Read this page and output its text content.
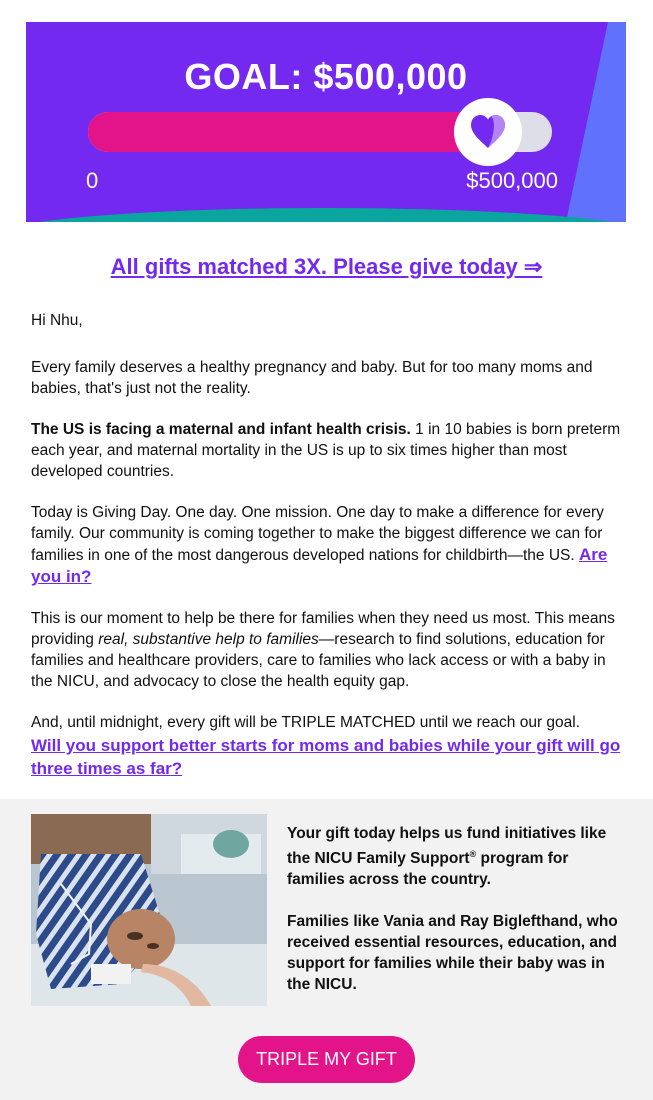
GOAL: $500,000
0	$500,000
All gifts matched 3X. Please give today ⇒

Hi Nhu,

Every family deserves a healthy pregnancy and baby. But for too many moms and babies, that's just not the reality.

The US is facing a maternal and infant health crisis. 1 in 10 babies is born preterm each year, and maternal mortality in the US is up to six times higher than most developed countries.

Today is Giving Day. One day. One mission. One day to make a difference for every family. Our community is coming together to make the biggest difference we can for families in one of the most dangerous developed nations for childbirth—the US. Are you in?

This is our moment to help be there for families when they need us most. This means providing real, substantive help to families—research to find solutions, education for families and healthcare providers, care to families who lack access or with a baby in the NICU, and advocacy to close the health equity gap.

And, until midnight, every gift will be TRIPLE MATCHED until we reach our goal.
Will you support better starts for moms and babies while your gift will go three times as far?

Your gift today helps us fund initiatives like the NICU Family Support® program for families across the country.

Families like Vania and Ray Biglefthand, who received essential resources, education, and support for families while their baby was in the NICU.

TRIPLE MY GIFT
